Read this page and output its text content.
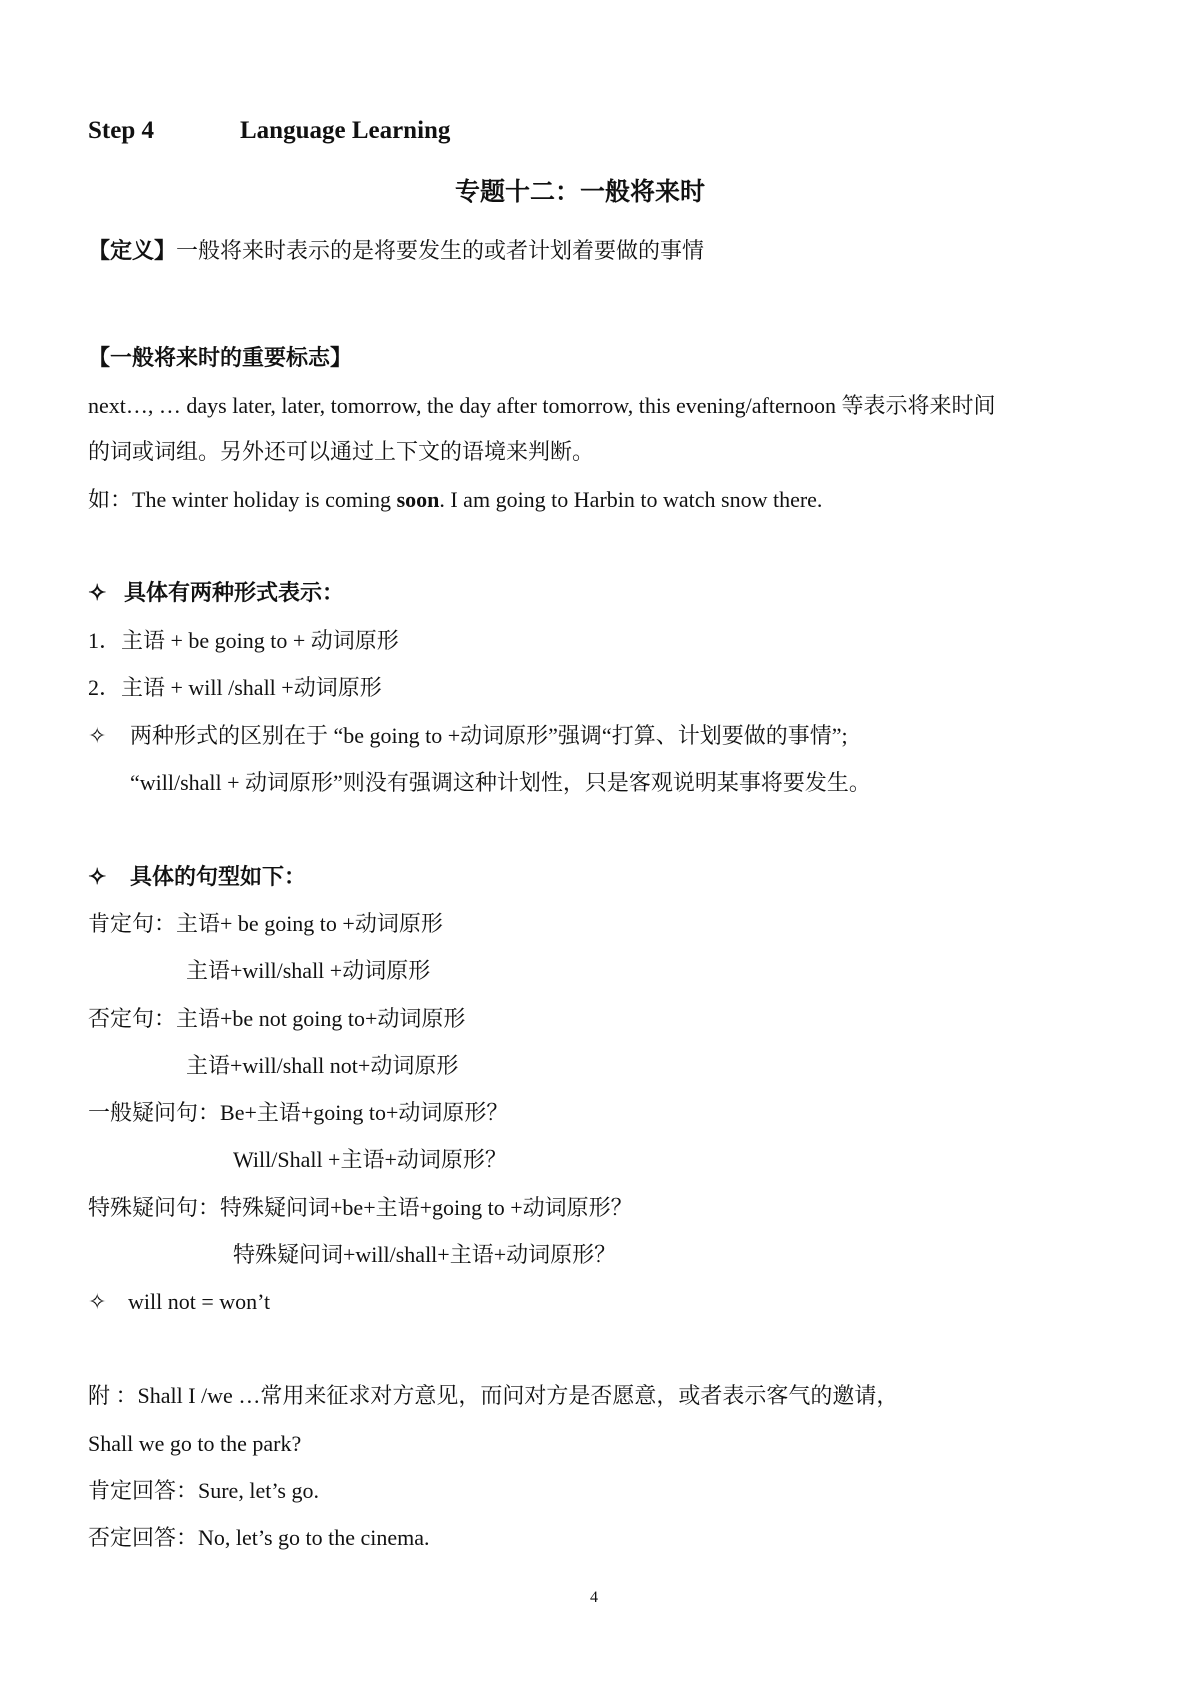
Step 4	Language Learning
专题十二：一般将来时
【定义】一般将来时表示的是将要发生的或者计划着要做的事情
【一般将来时的重要标志】
next…, … days later, later, tomorrow, the day after tomorrow, this evening/afternoon 等表示将来时间
的词或词组。另外还可以通过上下文的语境来判断。
如：The winter holiday is coming soon. I am going to Harbin to watch snow there.
✧ 具体有两种形式表示：
1．主语 + be going to + 动词原形
2．主语 + will /shall +动词原形
✧ 两种形式的区别在于 “be going to +动词原形”强调“打算、计划要做的事情”;
“will/shall + 动词原形”则没有强调这种计划性，只是客观说明某事将要发生。
✧ 具体的句型如下：
肯定句：主语+ be going to +动词原形
主语+will/shall +动词原形
否定句：主语+be not going to+动词原形
主语+will/shall not+动词原形
一般疑问句：Be+主语+going to+动词原形？
Will/Shall +主语+动词原形？
特殊疑问句：特殊疑问词+be+主语+going to +动词原形？
特殊疑问词+will/shall+主语+动词原形？
✧ will not = won’t
附 ：Shall I /we …常用来征求对方意见，而问对方是否愿意，或者表示客气的邀请，
Shall we go to the park?
肯定回答：Sure, let’s go.
否定回答：No, let’s go to the cinema.
4
